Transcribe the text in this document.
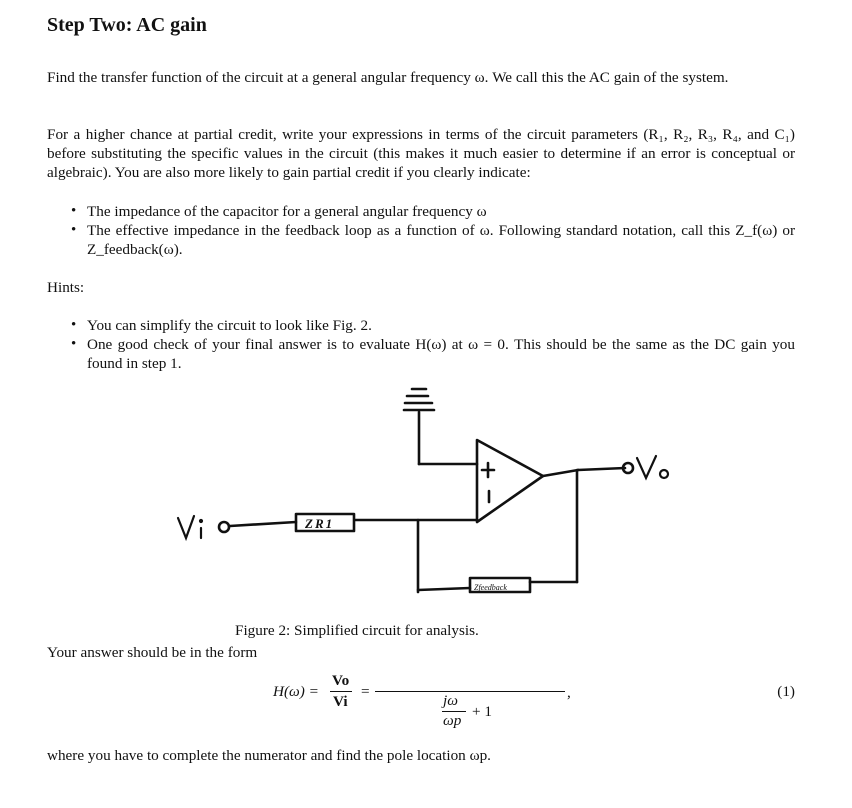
Step Two: AC gain

Find the transfer function of the circuit at a general angular frequency ω. We call this the AC gain of the system.

For a higher chance at partial credit, write your expressions in terms of the circuit parameters (R₁, R₂, R₃, R₄, and C₁) before substituting the specific values in the circuit (this makes it much easier to determine if an error is conceptual or algebraic). You are also more likely to gain partial credit if you clearly indicate:

• The impedance of the capacitor for a general angular frequency ω
• The effective impedance in the feedback loop as a function of ω. Following standard notation, call this Z_f(ω) or Z_feedback(ω).

Hints:

• You can simplify the circuit to look like Fig. 2.
• One good check of your final answer is to evaluate H(ω) at ω = 0. This should be the same as the DC gain you found in step 1.
ZR1
Zfeedback
Figure 2: Simplified circuit for analysis.
Your answer should be in the form
H(ω) =
Vo
Vi
=
jω
ωp
+ 1
,	(1)
where you have to complete the numerator and find the pole location ωp.
